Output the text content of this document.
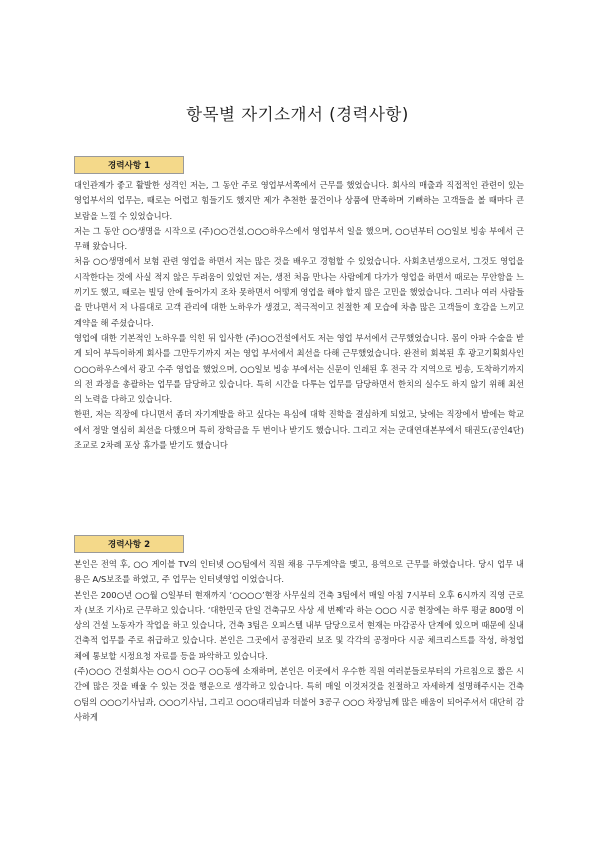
항목별 자기소개서 (경력사항)
경력사항 1

대인관계가 좋고 활발한 성격인 저는, 그 동안 주로 영업부서쪽에서 근무를 했었습니다. 회사의 매출과 직접적인 관련이 있는 영업부서의 업무는, 때로는 어렵고 힘들기도 했지만 제가 추천한 물건이나 상품에 만족하며 기뻐하는 고객들을 볼 때마다 큰 보람을 느낄 수 있었습니다.

저는 그 동안 ○○생명을 시작으로 (주)○○건설,○○○하우스에서 영업부서 일을 했으며, ○○년부터 ○○일보 빙송 부에서 근무해 왔습니다.

처음 ○○생명에서 보험 관련 영업을 하면서 저는 많은 것을 배우고 경험할 수 있었습니다. 사회초년생으로서, 그것도 영업을 시작한다는 것에 사실 적지 않은 두려움이 있었던 저는, 생전 처음 만나는 사람에게 다가가 영업을 하면서 때로는 무안함을 느끼기도 했고, 때로는 빌딩 안에 들어가지 조차 못하면서 어떻게 영업을 해야 할지 많은 고민을 했었습니다. 그러나 여러 사람들을 만나면서 저 나름대로 고객 관리에 대한 노하우가 생겼고, 적극적이고 친절한 제 모습에 차츰 많은 고객들이 호감을 느끼고 계약을 해 주셨습니다.

영업에 대한 기본적인 노하우를 익힌 뒤 입사한 (주)○○건설에서도 저는 영업 부서에서 근무했었습니다. 몸이 아파 수술을 받게 되어 부득이하게 회사를 그만두기까지 저는 영업 부서에서 최선을 다해 근무했었습니다. 완전히 회복된 후 광고기획회사인 ○○○하우스에서 광고 수주 영업을 했었으며, ○○일보 빙송 부에서는 신문이 인쇄된 후 전국 각 지역으로 빙송, 도착하기까지의 전 과정을 총괄하는 업무를 담당하고 있습니다. 특히 시간을 다투는 업무를 담당하면서 한치의 실수도 하지 않기 위해 최선의 노력을 다하고 있습니다.

한편, 저는 직장에 다니면서 좀더 자기계발을 하고 싶다는 욕심에 대학 진학을 결심하게 되었고, 낮에는 직장에서 밤에는 학교에서 정말 열심히 최선을 다했으며 특히 장학금을 두 번이나 받기도 했습니다. 그리고 저는 군대연대본부에서 태권도(공인4단) 조교로 2차례 포상 휴가를 받기도 했습니다

경력사항 2

본인은 전역 후, ○○ 게이블 TV의 인터넷 ○○팀에서 직원 채용 구두계약을 맺고, 용역으로 근무를 하였습니다. 당시 업무 내용은 A/S보조를 하였고, 주 업무는 인터넷영업 이었습니다.

본인은 200○년 ○○월 ○일부터 현재까지 ‘○○○○’현장 사무실의 건축 3팀에서 매일 아침 7시부터 오후 6시까지 직영 근로자 (보조 기사)로 근무하고 있습니다. ‘대한민국 단일 건축규모 사상 세 번째’라 하는 ○○○ 시공 현장에는 하루 평균 800명 이상의 건설 노동자가 작업을 하고 있습니다, 건축 3팀은 오피스텔 내부 담당으로서 현재는 마감공사 단계에 있으며 때문에 실내 건축적 업무를 주로 취급하고 있습니다. 본인은 그곳에서 공정관리 보조 및 각각의 공정마다 시공 체크리스트를 작성, 하청업체에 통보할 시정요청 자료를 등을 파악하고 있습니다.

(주)○○○ 건설회사는 ○○시 ○○구 ○○동에 소재하며, 본인은 이곳에서 우수한 직원 여러분들로부터의 가르침으로 짧은 시간에 많은 것을 배울 수 있는 것을 행운으로 생각하고 있습니다. 특히 매일 이것저것을 친절하고 자세하게 설명해주시는 건축 ○팀의 ○○○기사님과, ○○○기사님, 그리고 ○○○대리님과 더불어 3공구 ○○○ 차장님께 많은 배움이 되어주셔서 대단히 감사하게
